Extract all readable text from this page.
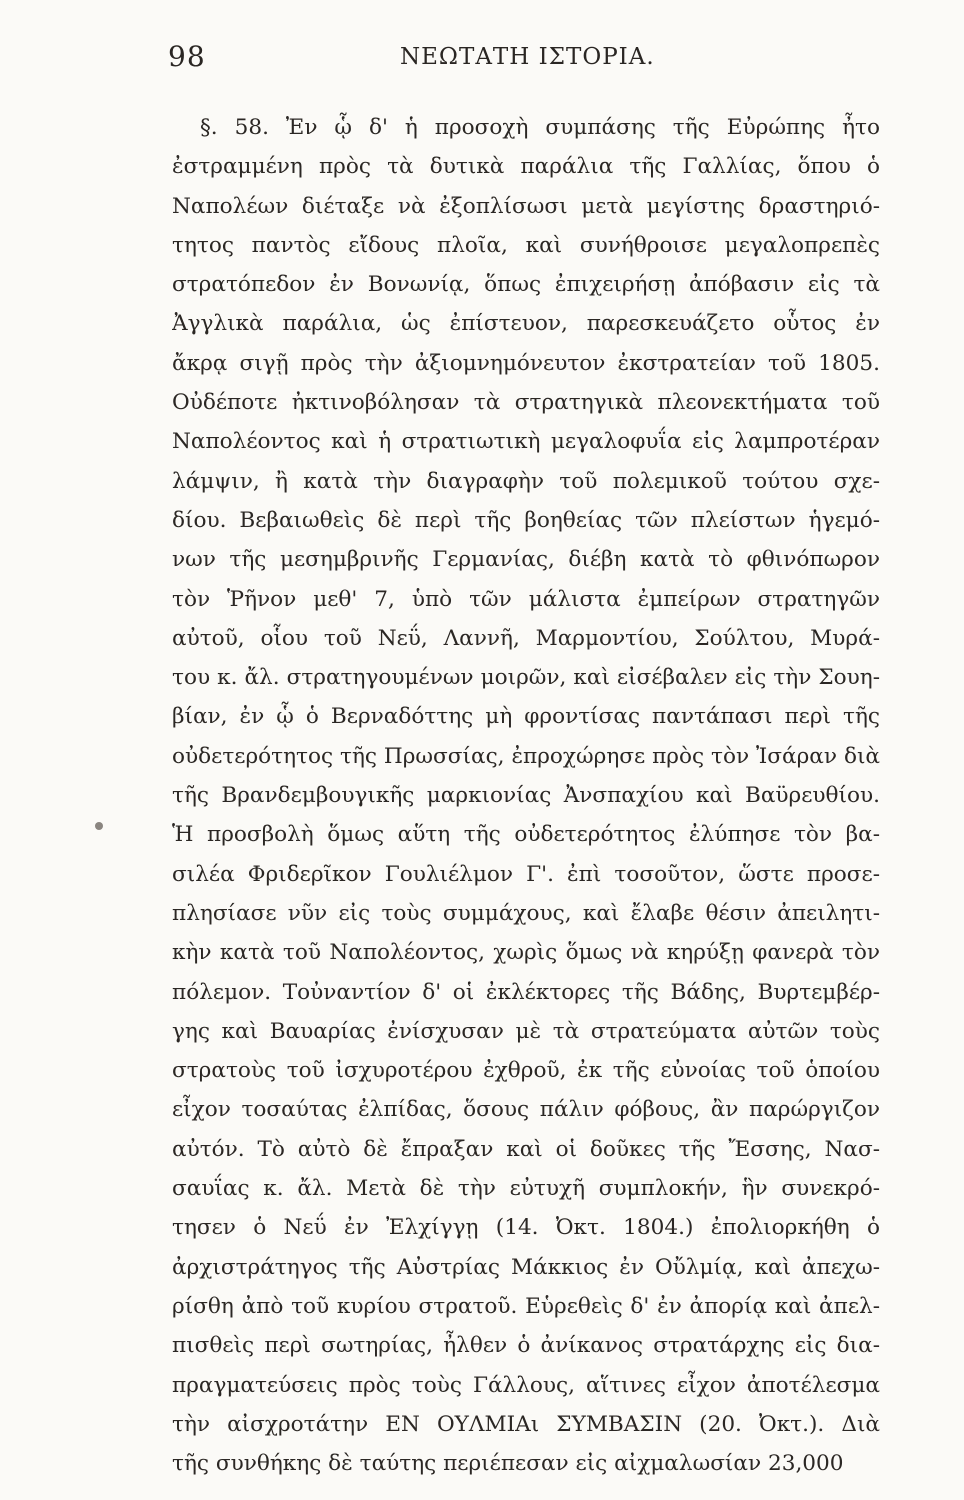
98	ΝΕΩΤΑΤΗ ΙΣΤΟΡΙΑ.
§. 58. Ἐν ᾧ δ' ἡ προσοχὴ συμπάσης τῆς Εὐρώπης ἦτο
ἐστραμμένη πρὸς τὰ δυτικὰ παράλια τῆς Γαλλίας, ὅπου ὁ
Ναπολέων διέταξε νὰ ἐξοπλίσωσι μετὰ μεγίστης δραστηριό-
τητος παντὸς εἴδους πλοῖα, καὶ συνήθροισε μεγαλοπρεπὲς
στρατόπεδον ἐν Βονωνίᾳ, ὅπως ἐπιχειρήσῃ ἀπόβασιν εἰς τὰ
Ἀγγλικὰ παράλια, ὡς ἐπίστευον, παρεσκευάζετο οὗτος ἐν
ἄκρᾳ σιγῇ πρὸς τὴν ἀξιομνημόνευτον ἐκστρατείαν τοῦ 1805.
Οὐδέποτε ἠκτινοβόλησαν τὰ στρατηγικὰ πλεονεκτήματα τοῦ
Ναπολέοντος καὶ ἡ στρατιωτικὴ μεγαλοφυΐα εἰς λαμπροτέραν
λάμψιν, ἢ κατὰ τὴν διαγραφὴν τοῦ πολεμικοῦ τούτου σχε-
δίου. Βεβαιωθεὶς δὲ περὶ τῆς βοηθείας τῶν πλείστων ἡγεμό-
νων τῆς μεσημβρινῆς Γερμανίας, διέβη κατὰ τὸ φθινόπωρον
τὸν Ῥῆνον μεθ' 7, ὑπὸ τῶν μάλιστα ἐμπείρων στρατηγῶν
αὐτοῦ, οἷου τοῦ Νεΰ, Λαννῆ, Μαρμοντίου, Σούλτου, Μυρά-
του κ. ἄλ. στρατηγουμένων μοιρῶν, καὶ εἰσέβαλεν εἰς τὴν Σουη-
βίαν, ἐν ᾧ ὁ Βερναδόττης μὴ φροντίσας παντάπασι περὶ τῆς
οὐδετερότητος τῆς Πρωσσίας, ἐπροχώρησε πρὸς τὸν Ἰσάραν διὰ
τῆς Βρανδεμβουγικῆς μαρκιονίας Ἀνσπαχίου καὶ Βαϋρευθίου.
Ἡ προσβολὴ ὅμως αὕτη τῆς οὐδετερότητος ἐλύπησε τὸν βα-
σιλέα Φριδερῖκον Γουλιέλμον Γ'. ἐπὶ τοσοῦτον, ὥστε προσε-
πλησίασε νῦν εἰς τοὺς συμμάχους, καὶ ἔλαβε θέσιν ἀπειλητι-
κὴν κατὰ τοῦ Ναπολέοντος, χωρὶς ὅμως νὰ κηρύξῃ φανερὰ τὸν
πόλεμον. Τοὐναντίον δ' οἱ ἐκλέκτορες τῆς Βάδης, Βυρτεμβέρ-
γης καὶ Βαυαρίας ἐνίσχυσαν μὲ τὰ στρατεύματα αὐτῶν τοὺς
στρατοὺς τοῦ ἰσχυροτέρου ἐχθροῦ, ἐκ τῆς εὐνοίας τοῦ ὁποίου
εἶχον τοσαύτας ἐλπίδας, ὅσους πάλιν φόβους, ἂν παρώργιζον
αὐτόν. Τὸ αὐτὸ δὲ ἔπραξαν καὶ οἱ δοῦκες τῆς Ἔσσης, Νασ-
σαυΐας κ. ἄλ. Μετὰ δὲ τὴν εὐτυχῆ συμπλοκήν, ἣν συνεκρό-
τησεν ὁ Νεΰ ἐν Ἐλχίγγῃ (14. Ὀκτ. 1804.) ἐπολιορκήθη ὁ
ἀρχιστράτηγος τῆς Αὐστρίας Μάκκιος ἐν Οὔλμίᾳ, καὶ ἀπεχω-
ρίσθη ἀπὸ τοῦ κυρίου στρατοῦ. Εὑρεθεὶς δ' ἐν ἀπορίᾳ καὶ ἀπελ-
πισθεὶς περὶ σωτηρίας, ἦλθεν ὁ ἀνίκανος στρατάρχης εἰς δια-
πραγματεύσεις πρὸς τοὺς Γάλλους, αἵτινες εἶχον ἀποτέλεσμα
τὴν αἰσχροτάτην ΕΝ ΟΥΛΜΙΑι ΣΥΜΒΑΣΙΝ (20. Ὀκτ.). Διὰ
τῆς συνθήκης δὲ ταύτης περιέπεσαν εἰς αἰχμαλωσίαν 23,000
